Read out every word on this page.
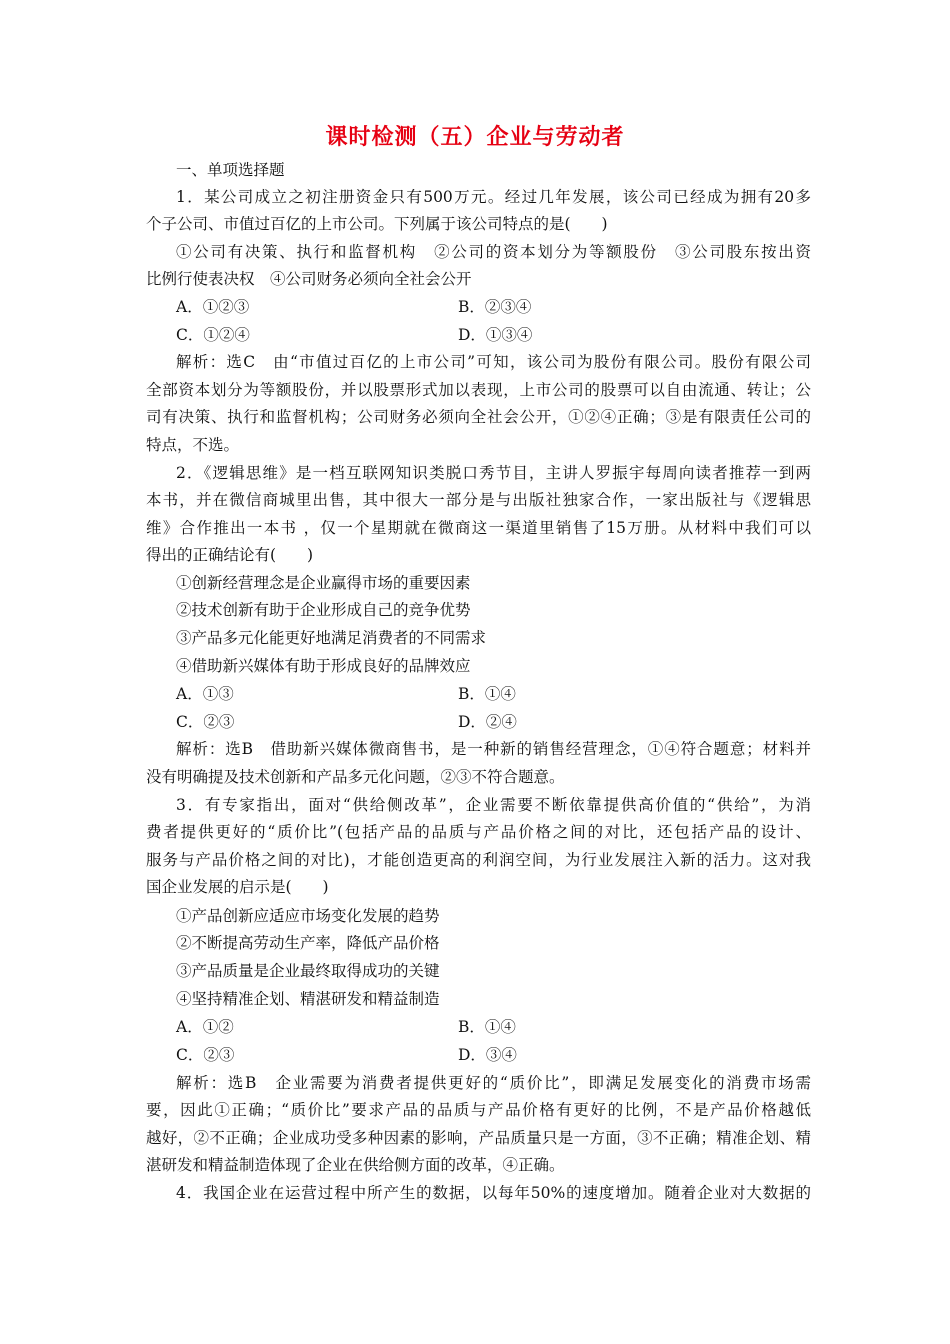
课时检测（五）企业与劳动者
一、单项选择题
1．某公司成立之初注册资金只有500万元。经过几年发展，该公司已经成为拥有20多
个子公司、市值过百亿的上市公司。下列属于该公司特点的是(　　)
①公司有决策、执行和监督机构　②公司的资本划分为等额股份　③公司股东按出资
比例行使表决权　④公司财务必须向全社会公开
A．①②③	B．②③④
C．①②④	D．①③④
解析：选C　由“市值过百亿的上市公司”可知，该公司为股份有限公司。股份有限公司
全部资本划分为等额股份，并以股票形式加以表现，上市公司的股票可以自由流通、转让；公
司有决策、执行和监督机构；公司财务必须向全社会公开，①②④正确；③是有限责任公司的
特点，不选。
2．《逻辑思维》是一档互联网知识类脱口秀节目，主讲人罗振宇每周向读者推荐一到两
本书，并在微信商城里出售，其中很大一部分是与出版社独家合作，一家出版社与《逻辑思
维》合作推出一本书 ，仅一个星期就在微商这一渠道里销售了15万册。从材料中我们可以
得出的正确结论有(　　)
①创新经营理念是企业赢得市场的重要因素
②技术创新有助于企业形成自己的竞争优势
③产品多元化能更好地满足消费者的不同需求
④借助新兴媒体有助于形成良好的品牌效应
A．①③	B．①④
C．②③	D．②④
解析：选B　借助新兴媒体微商售书，是一种新的销售经营理念，①④符合题意；材料并
没有明确提及技术创新和产品多元化问题，②③不符合题意。
3．有专家指出，面对“供给侧改革”，企业需要不断依靠提供高价值的“供给”，为消
费者提供更好的“质价比”(包括产品的品质与产品价格之间的对比，还包括产品的设计、
服务与产品价格之间的对比)，才能创造更高的利润空间，为行业发展注入新的活力。这对我
国企业发展的启示是(　　)
①产品创新应适应市场变化发展的趋势
②不断提高劳动生产率，降低产品价格
③产品质量是企业最终取得成功的关键
④坚持精准企划、精湛研发和精益制造
A．①②	B．①④
C．②③	D．③④
解析：选B　企业需要为消费者提供更好的“质价比”，即满足发展变化的消费市场需
要，因此①正确；“质价比”要求产品的品质与产品价格有更好的比例，不是产品价格越低
越好，②不正确；企业成功受多种因素的影响，产品质量只是一方面，③不正确；精准企划、精
湛研发和精益制造体现了企业在供给侧方面的改革，④正确。
4．我国企业在运营过程中所产生的数据，以每年50%的速度增加。随着企业对大数据的
